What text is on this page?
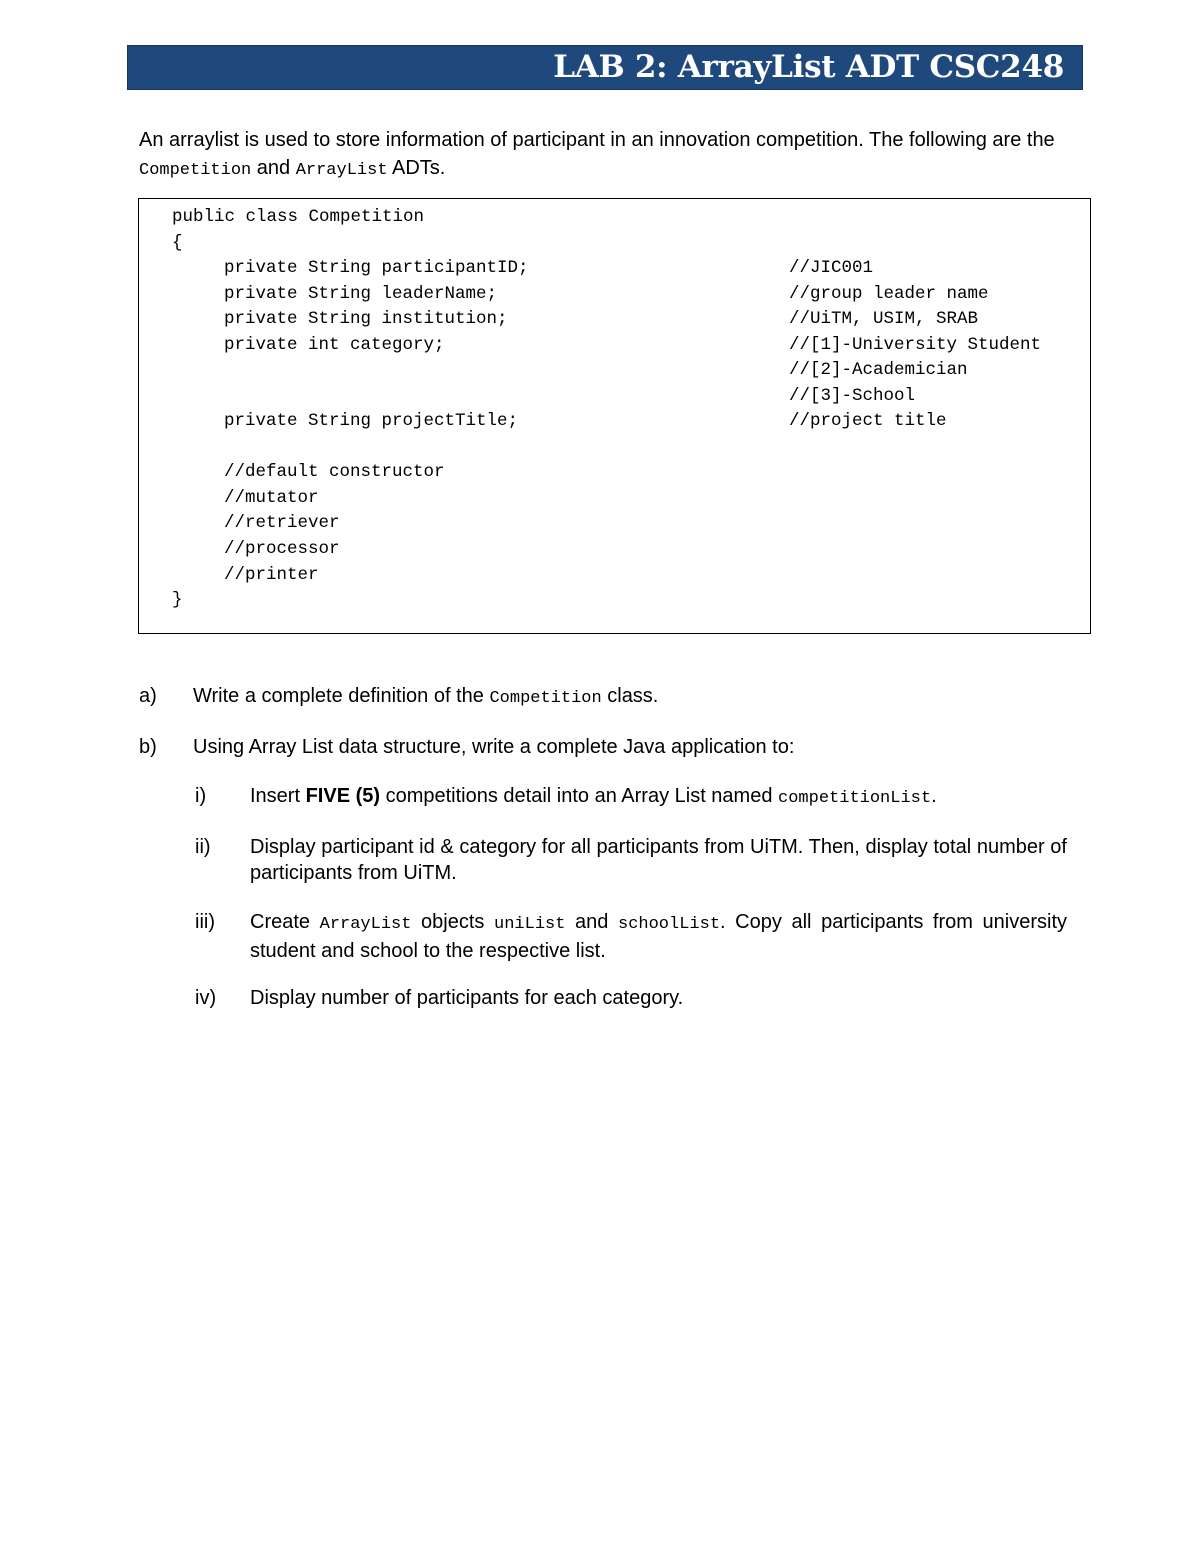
LAB 2: ArrayList ADT CSC248
An arraylist is used to store information of participant in an innovation competition. The following are the Competition and ArrayList ADTs.
public class Competition
{
private String participantID;	//JIC001
private String leaderName;	//group leader name
private String institution;	//UiTM, USIM, SRAB
private int category;	//[1]-University Student
//[2]-Academician
//[3]-School
private String projectTitle;	//project title
//default constructor
//mutator
//retriever
//processor
//printer
}
a) Write a complete definition of the Competition class.
b) Using Array List data structure, write a complete Java application to:
i) Insert FIVE (5) competitions detail into an Array List named competitionList.
ii) Display participant id & category for all participants from UiTM. Then, display total number of participants from UiTM.
iii) Create ArrayList objects uniList and schoolList. Copy all participants from university student and school to the respective list.
iv) Display number of participants for each category.
